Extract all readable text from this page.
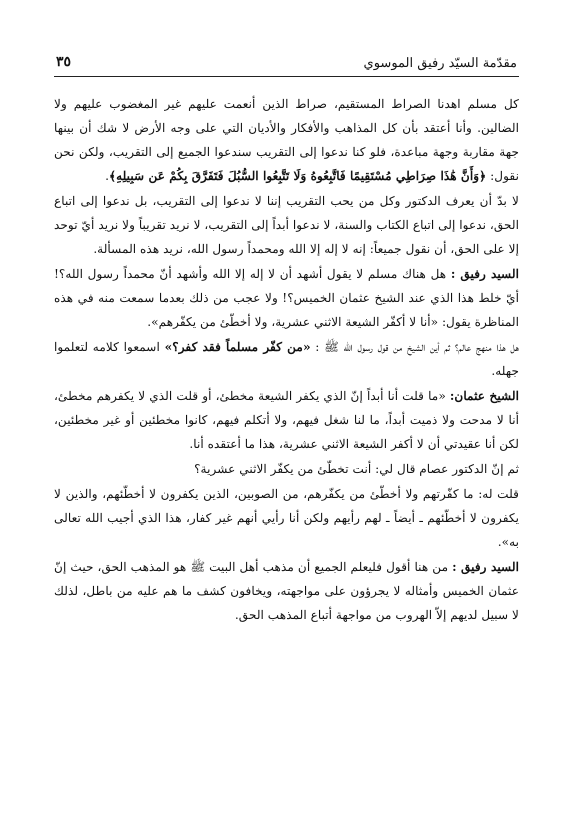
مقدّمة السيّد رفيق الموسوي
٣٥

كل مسلم اهدنا الصراط المستقيم، صراط الذين أنعمت عليهم غير المغضوب عليهم ولا الضالين. وأنا أعتقد بأن كل المذاهب والأفكار والأديان التي على وجه الأرض لا شك أن بينها جهة مقاربة وجهة مباعدة، فلو كنا ندعوا إلى التقريب سندعوا الجميع إلى التقريب، ولكن نحن نقول: ﴿وَأَنَّ هَٰذَا صِرَاطِي مُسْتَقِيمًا فَاتَّبِعُوهُ وَلَا تَتَّبِعُوا السُّبُلَ فَتَفَرَّقَ بِكُمْ عَن سَبِيلِهِ﴾.

لا بدّ أن يعرف الدكتور وكل من يحب التقريب إننا لا ندعوا إلى التقريب، بل ندعوا إلى اتباع الحق، ندعوا إلى اتباع الكتاب والسنة، لا ندعوا أبداً إلى التقريب، لا نريد تقريباً ولا نريد أيّ توحد إلا على الحق، أن نقول جميعاً: إنه لا إله إلا الله ومحمداً رسول الله، نريد هذه المسألة.

السيد رفيق : هل هناك مسلم لا يقول أشهد أن لا إله إلا الله وأشهد أنّ محمداً رسول الله؟! أيّ خلط هذا الذي عند الشيخ عثمان الخميس؟! ولا عجب من ذلك بعدما سمعت منه في هذه المناظرة يقول: «أنا لا أكفّر الشيعة الاثني عشرية، ولا أخطّئ من يكفّرهم».

هل هذا منهج عالم؟ ثم أين الشيخ من قول رسول الله ﷺ : «من كفّر مسلماً فقد كفر؟» اسمعوا كلامه لتعلموا جهله.

الشيخ عثمان: «ما قلت أنا أبداً إنّ الذي يكفر الشيعة مخطئ، أو قلت الذي لا يكفرهم مخطئ، أنا لا مدحت ولا ذميت أبداً، ما لنا شغل فيهم، ولا أتكلم فيهم، كانوا مخطئين أو غير مخطئين، لكن أنا عقيدتي أن لا أكفر الشيعة الاثني عشرية، هذا ما أعتقده أنا.

ثم إنّ الدكتور عصام قال لي: أنت تخطّئ من يكفّر الاثني عشرية؟

قلت له: ما كفّرتهم ولا أخطّئ من يكفّرهم، من الصوبين، الذين يكفرون لا أخطّئهم، والذين لا يكفرون لا أخطّئهم ـ أيضاً ـ لهم رأيهم ولكن أنا رأيي أنهم غير كفار، هذا الذي أجيب الله تعالى به».

السيد رفيق : من هنا أقول فليعلم الجميع أن مذهب أهل البيت ﷺ هو المذهب الحق، حيث إنّ عثمان الخميس وأمثاله لا يجرؤون على مواجهته، ويخافون كشف ما هم عليه من باطل، لذلك لا سبيل لديهم إلاّ الهروب من مواجهة أتباع المذهب الحق.
